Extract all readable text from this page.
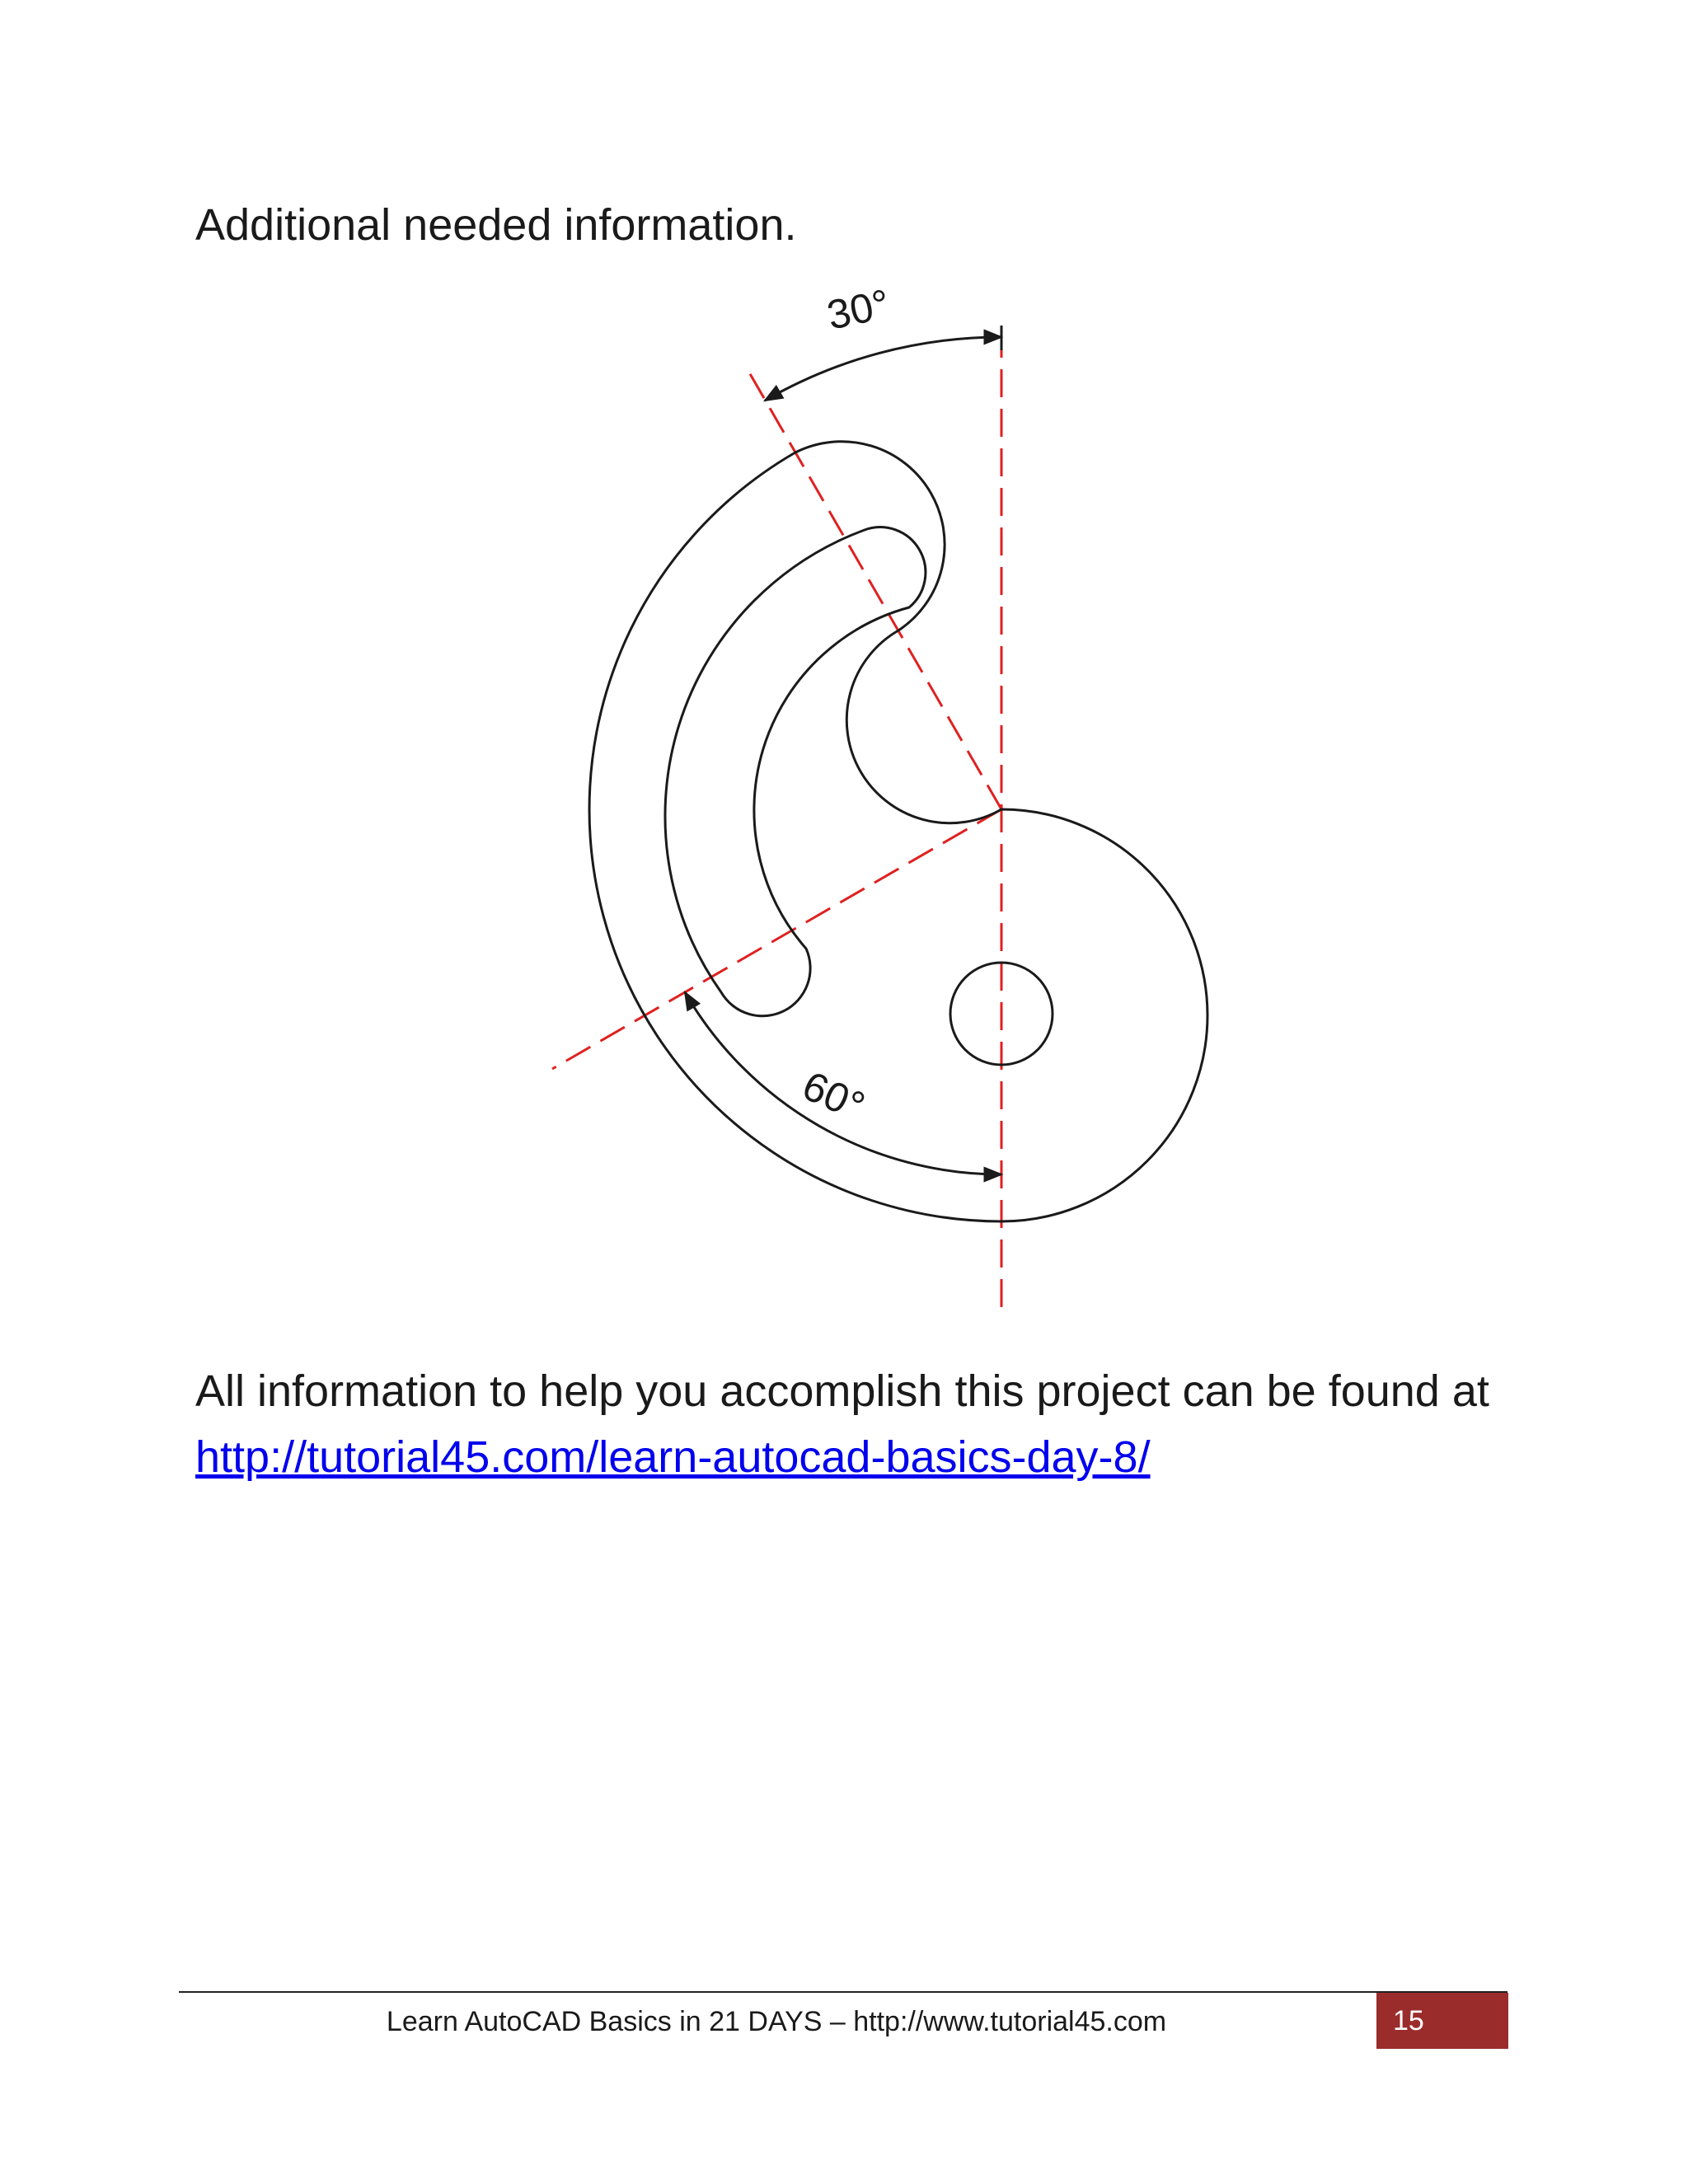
Additional needed information.
30°
60°
All information to help you accomplish this project can be found at http://tutorial45.com/learn-autocad-basics-day-8/
Learn AutoCAD Basics in 21 DAYS – http://www.tutorial45.com	15
